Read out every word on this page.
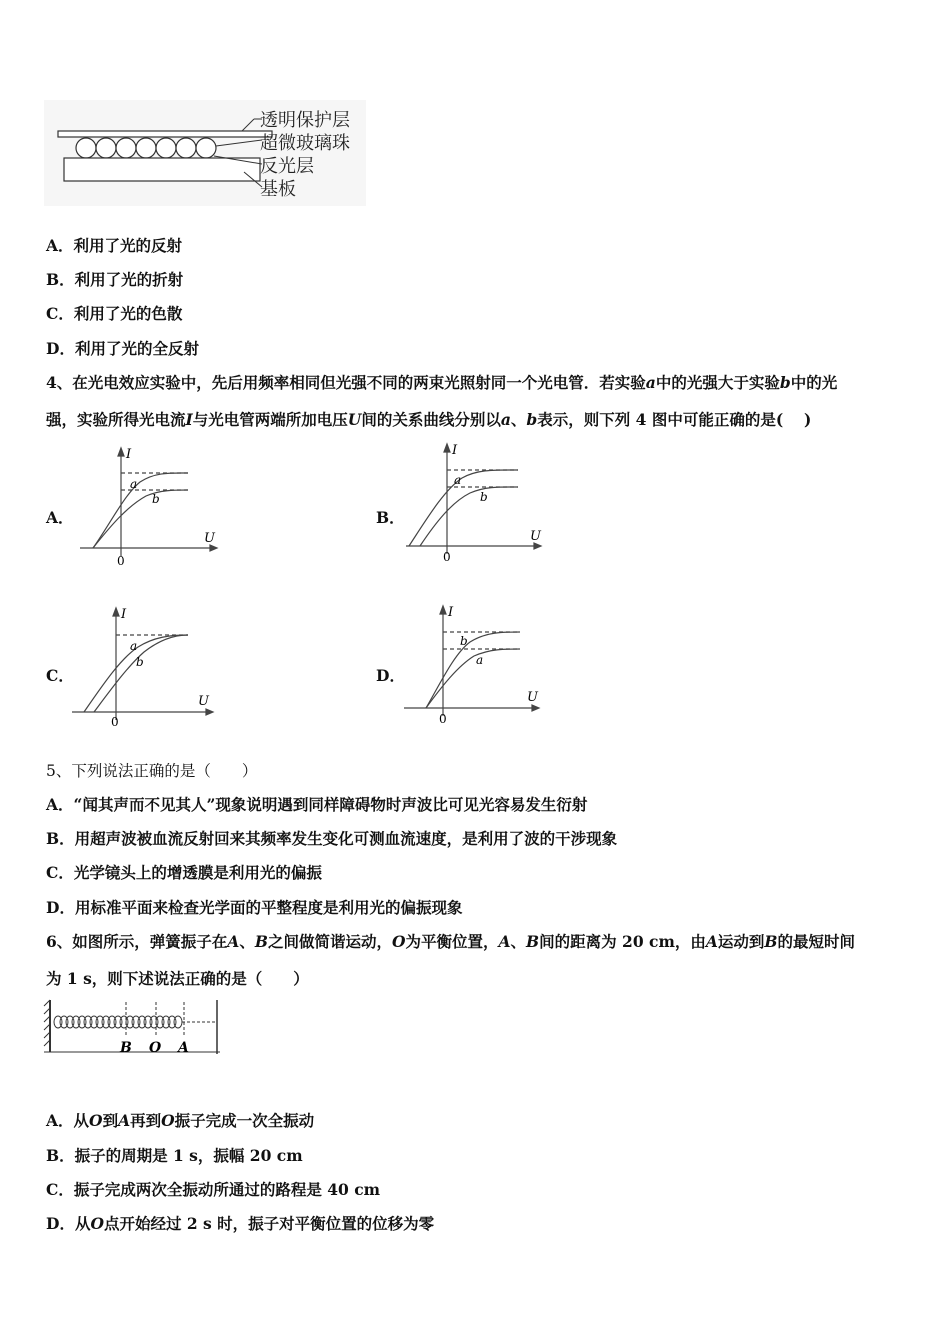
透明保护层
超微玻璃珠
反光层
基板
A．利用了光的反射
B．利用了光的折射
C．利用了光的色散
D．利用了光的全反射
4、在光电效应实验中，先后用频率相同但光强不同的两束光照射同一个光电管．若实验a中的光强大于实验b中的光
强，实验所得光电流I与光电管两端所加电压U间的关系曲线分别以a、b表示，则下列 4 图中可能正确的是(　 )
A．	B．
C．	D．
I
U
0
a
b
I
U
0
a
b
I
U
0
a
b
I
U
0
b
a
5、下列说法正确的是（　　）
A．“闻其声而不见其人”现象说明遇到同样障碍物时声波比可见光容易发生衍射
B．用超声波被血流反射回来其频率发生变化可测血流速度，是利用了波的干涉现象
C．光学镜头上的增透膜是利用光的偏振
D．用标准平面来检查光学面的平整程度是利用光的偏振现象
6、如图所示，弹簧振子在A、B之间做简谐运动，O为平衡位置，A、B间的距离为 20 cm，由A运动到B的最短时间
为 1 s，则下述说法正确的是（　　）
B O A
A．从O到A再到O振子完成一次全振动
B．振子的周期是 1 s，振幅 20 cm
C．振子完成两次全振动所通过的路程是 40 cm
D．从O点开始经过 2 s 时，振子对平衡位置的位移为零
